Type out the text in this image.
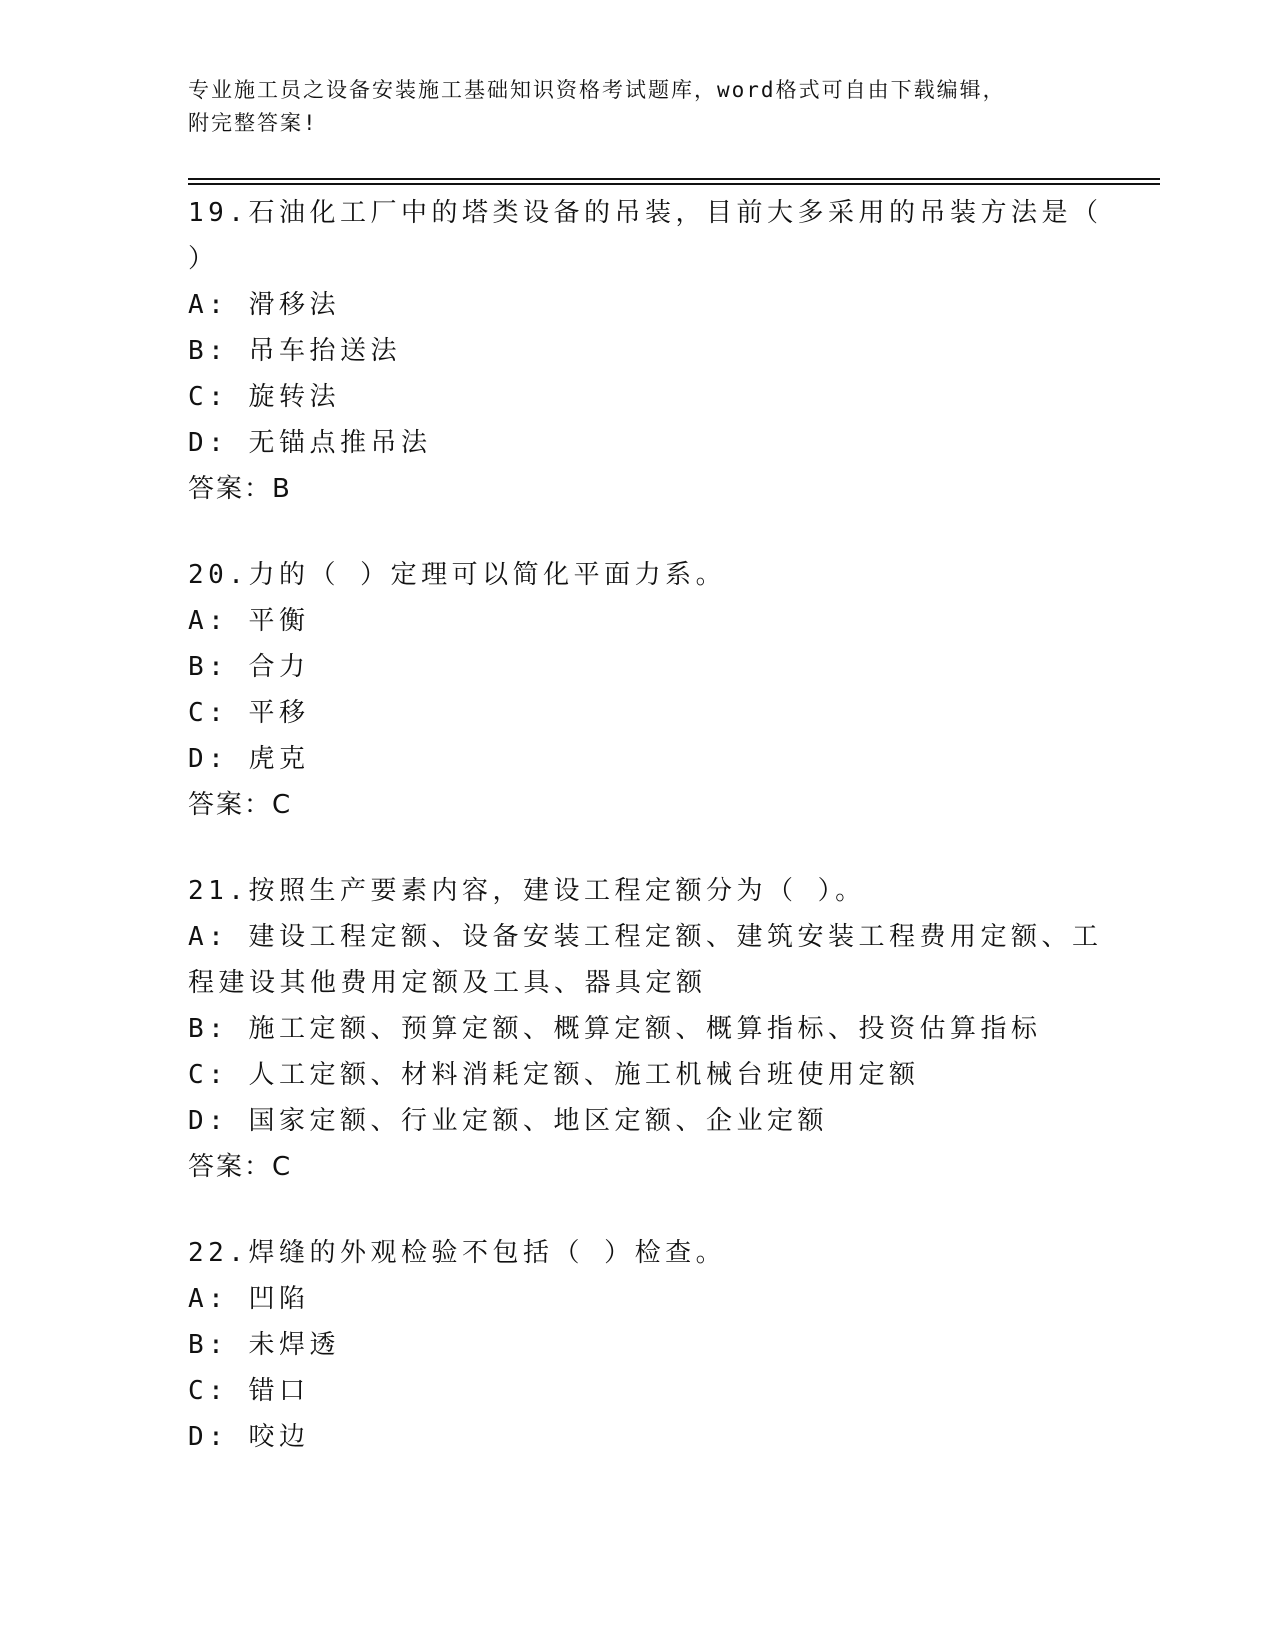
专业施工员之设备安装施工基础知识资格考试题库，word格式可自由下载编辑，
附完整答案!
19.石油化工厂中的塔类设备的吊装，目前大多采用的吊装方法是（ ）
A: 滑移法
B: 吊车抬送法
C: 旋转法
D: 无锚点推吊法
答案：B
20.力的（ ）定理可以简化平面力系。
A: 平衡
B: 合力
C: 平移
D: 虎克
答案：C
21.按照生产要素内容，建设工程定额分为（ ）。
A: 建设工程定额、设备安装工程定额、建筑安装工程费用定额、工程建设其他费用定额及工具、器具定额
B: 施工定额、预算定额、概算定额、概算指标、投资估算指标
C: 人工定额、材料消耗定额、施工机械台班使用定额
D: 国家定额、行业定额、地区定额、企业定额
答案：C
22.焊缝的外观检验不包括（ ）检查。
A: 凹陷
B: 未焊透
C: 错口
D: 咬边
